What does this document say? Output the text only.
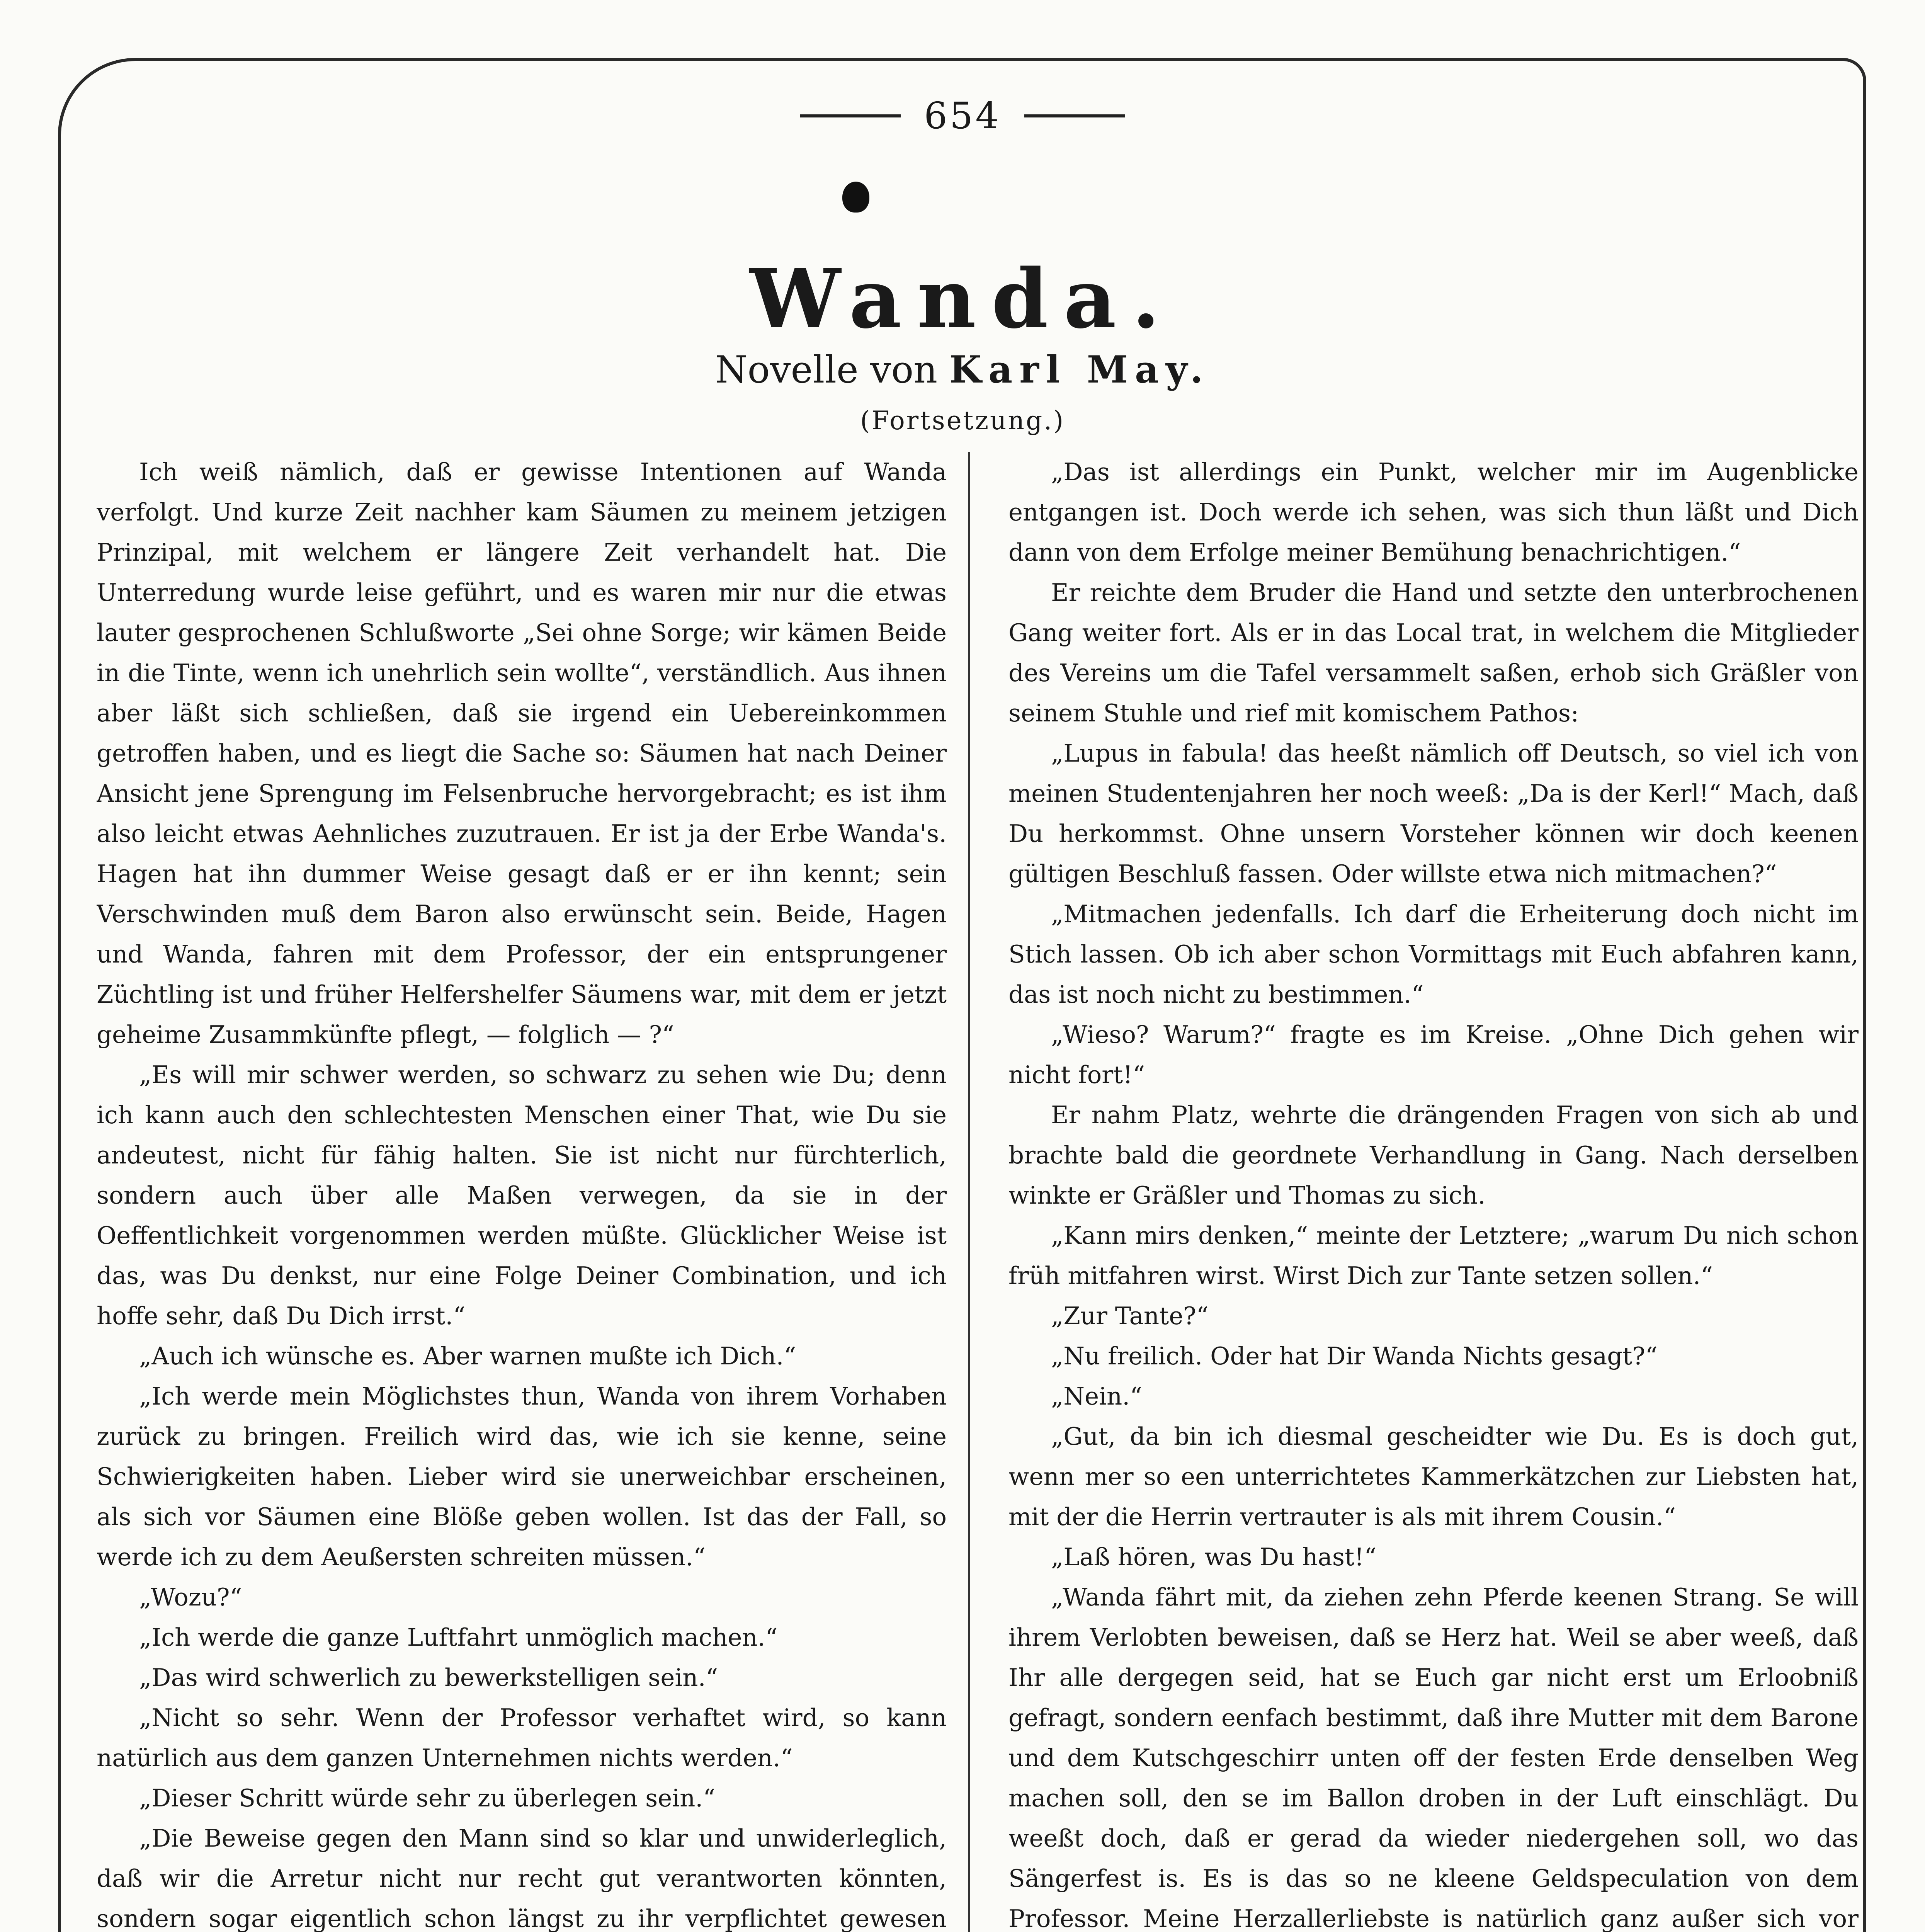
654
Wanda.
Novelle von Karl May.
(Fortsetzung.)

Ich weiß nämlich, daß er gewisse Intentionen auf Wanda verfolgt. Und kurze Zeit nachher kam Säumen zu meinem jetzigen Prinzipal, mit welchem er längere Zeit verhandelt hat. Die Unterredung wurde leise geführt, und es waren mir nur die etwas lauter gesprochenen Schlußworte „Sei ohne Sorge; wir kämen Beide in die Tinte, wenn ich unehrlich sein wollte“, verständlich. Aus ihnen aber läßt sich schließen, daß sie irgend ein Uebereinkommen getroffen haben, und es liegt die Sache so: Säumen hat nach Deiner Ansicht jene Sprengung im Felsenbruche hervorgebracht; es ist ihm also leicht etwas Aehnliches zuzutrauen. Er ist ja der Erbe Wanda's. Hagen hat ihn dummer Weise gesagt daß er er ihn kennt; sein Verschwinden muß dem Baron also erwünscht sein. Beide, Hagen und Wanda, fahren mit dem Professor, der ein entsprungener Züchtling ist und früher Helfershelfer Säumens war, mit dem er jetzt geheime Zusammkünfte pflegt, — folglich — ?“

„Es will mir schwer werden, so schwarz zu sehen wie Du; denn ich kann auch den schlechtesten Menschen einer That, wie Du sie andeutest, nicht für fähig halten. Sie ist nicht nur fürchterlich, sondern auch über alle Maßen verwegen, da sie in der Oeffentlichkeit vorgenommen werden müßte. Glücklicher Weise ist das, was Du denkst, nur eine Folge Deiner Combination, und ich hoffe sehr, daß Du Dich irrst.“

„Auch ich wünsche es. Aber warnen mußte ich Dich.“

„Ich werde mein Möglichstes thun, Wanda von ihrem Vorhaben zurück zu bringen. Freilich wird das, wie ich sie kenne, seine Schwierigkeiten haben. Lieber wird sie unerweichbar erscheinen, als sich vor Säumen eine Blöße geben wollen. Ist das der Fall, so werde ich zu dem Aeußersten schreiten müssen.“

„Wozu?“

„Ich werde die ganze Luftfahrt unmöglich machen.“

„Das wird schwerlich zu bewerkstelligen sein.“

„Nicht so sehr. Wenn der Professor verhaftet wird, so kann natürlich aus dem ganzen Unternehmen nichts werden.“

„Dieser Schritt würde sehr zu überlegen sein.“

„Die Beweise gegen den Mann sind so klar und unwiderleglich, daß wir die Arretur nicht nur recht gut verantworten könnten, sondern sogar eigentlich schon längst zu ihr verpflichtet gewesen

„Das ist allerdings ein Punkt, welcher mir im Augenblicke entgangen ist. Doch werde ich sehen, was sich thun läßt und Dich dann von dem Erfolge meiner Bemühung benachrichtigen.“

Er reichte dem Bruder die Hand und setzte den unterbrochenen Gang weiter fort. Als er in das Local trat, in welchem die Mitglieder des Vereins um die Tafel versammelt saßen, erhob sich Gräßler von seinem Stuhle und rief mit komischem Pathos:

„Lupus in fabula! das heeßt nämlich off Deutsch, so viel ich von meinen Studentenjahren her noch weeß: „Da is der Kerl!“ Mach, daß Du herkommst. Ohne unsern Vorsteher können wir doch keenen gültigen Beschluß fassen. Oder willste etwa nich mitmachen?“

„Mitmachen jedenfalls. Ich darf die Erheiterung doch nicht im Stich lassen. Ob ich aber schon Vormittags mit Euch abfahren kann, das ist noch nicht zu bestimmen.“

„Wieso? Warum?“ fragte es im Kreise. „Ohne Dich gehen wir nicht fort!“

Er nahm Platz, wehrte die drängenden Fragen von sich ab und brachte bald die geordnete Verhandlung in Gang. Nach derselben winkte er Gräßler und Thomas zu sich.

„Kann mirs denken,“ meinte der Letztere; „warum Du nich schon früh mitfahren wirst. Wirst Dich zur Tante setzen sollen.“

„Zur Tante?“

„Nu freilich. Oder hat Dir Wanda Nichts gesagt?“

„Nein.“

„Gut, da bin ich diesmal gescheidter wie Du. Es is doch gut, wenn mer so een unterrichtetes Kammerkätzchen zur Liebsten hat, mit der die Herrin vertrauter is als mit ihrem Cousin.“

„Laß hören, was Du hast!“

„Wanda fährt mit, da ziehen zehn Pferde keenen Strang. Se will ihrem Verlobten beweisen, daß se Herz hat. Weil se aber weeß, daß Ihr alle dergegen seid, hat se Euch gar nicht erst um Erloobniß gefragt, sondern eenfach bestimmt, daß ihre Mutter mit dem Barone und dem Kutschgeschirr unten off der festen Erde denselben Weg machen soll, den se im Ballon droben in der Luft einschlägt. Du weeßt doch, daß er gerad da wieder niedergehen soll, wo das Sängerfest is. Es is das so ne kleene Geldspeculation von dem Professor. Meine Herzallerliebste is natürlich ganz außer sich vor
